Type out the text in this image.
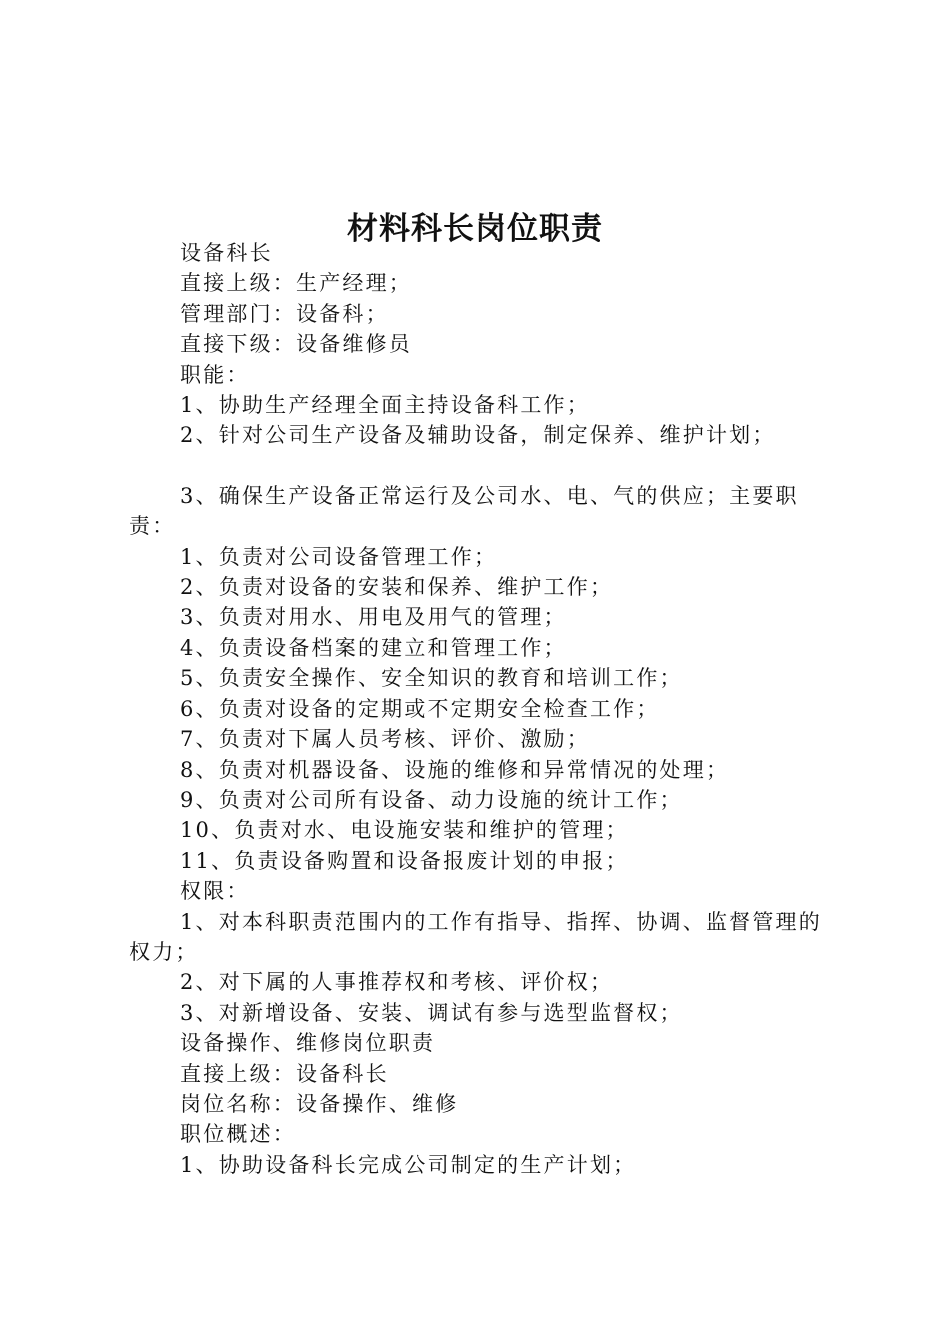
材料科长岗位职责

设备科长

直接上级：生产经理；

管理部门：设备科；

直接下级：设备维修员

职能：

1、协助生产经理全面主持设备科工作；

2、针对公司生产设备及辅助设备，制定保养、维护计划；

3、确保生产设备正常运行及公司水、电、气的供应；主要职责：

1、负责对公司设备管理工作；

2、负责对设备的安装和保养、维护工作；

3、负责对用水、用电及用气的管理；

4、负责设备档案的建立和管理工作；

5、负责安全操作、安全知识的教育和培训工作；

6、负责对设备的定期或不定期安全检查工作；

7、负责对下属人员考核、评价、激励；

8、负责对机器设备、设施的维修和异常情况的处理；

9、负责对公司所有设备、动力设施的统计工作；

10、负责对水、电设施安装和维护的管理；

11、负责设备购置和设备报废计划的申报；

权限：

1、对本科职责范围内的工作有指导、指挥、协调、监督管理的权力；

2、对下属的人事推荐权和考核、评价权；

3、对新增设备、安装、调试有参与选型监督权；

设备操作、维修岗位职责

直接上级：设备科长

岗位名称：设备操作、维修

职位概述：

1、协助设备科长完成公司制定的生产计划；
